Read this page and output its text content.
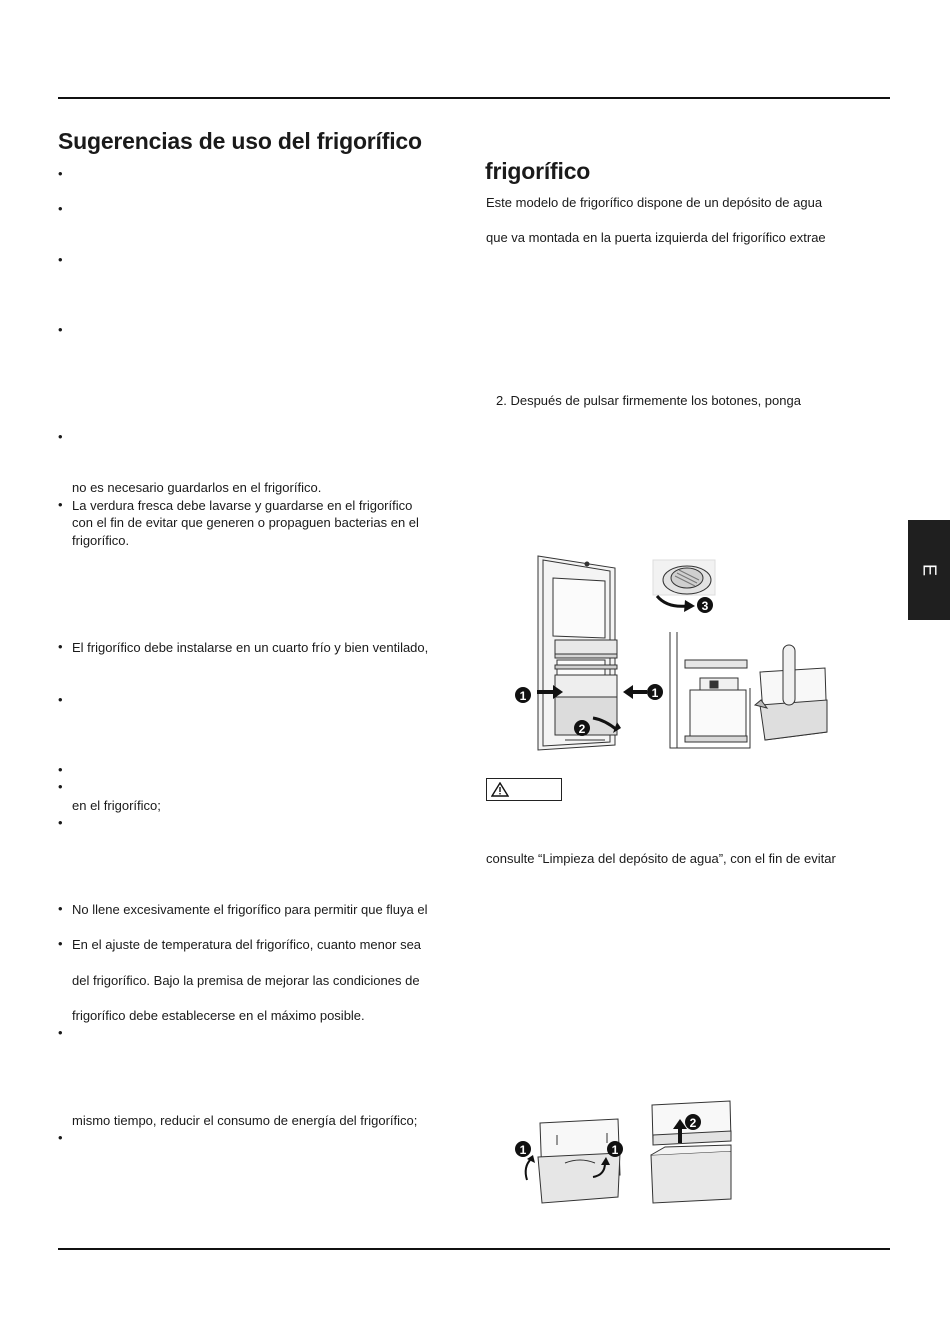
Sugerencias de uso del frigorífico
•
•
•
•
•
no es necesario guardarlos en el frigorífico.
• La verdura fresca debe lavarse y guardarse en el frigorífico
con el fin de evitar que generen o propaguen bacterias en el
frigorífico.
• El frigorífico debe instalarse en un cuarto frío y bien ventilado,
•
•
•
en el frigorífico;
•
• No llene excesivamente el frigorífico para permitir que fluya el
• En el ajuste de temperatura del frigorífico, cuanto menor sea
del frigorífico. Bajo la premisa de mejorar las condiciones de
frigorífico debe establecerse en el máximo posible.
•
mismo tiempo, reducir el consumo de energía del frigorífico;
•
frigorífico
Este modelo de frigorífico dispone de un depósito de agua
que va montada en la puerta izquierda del frigorífico extrae
2. Después de pulsar firmemente los botones, ponga
consulte “Limpieza del depósito de agua”, con el fin de evitar
E
1	1
2
3
2
1	1
